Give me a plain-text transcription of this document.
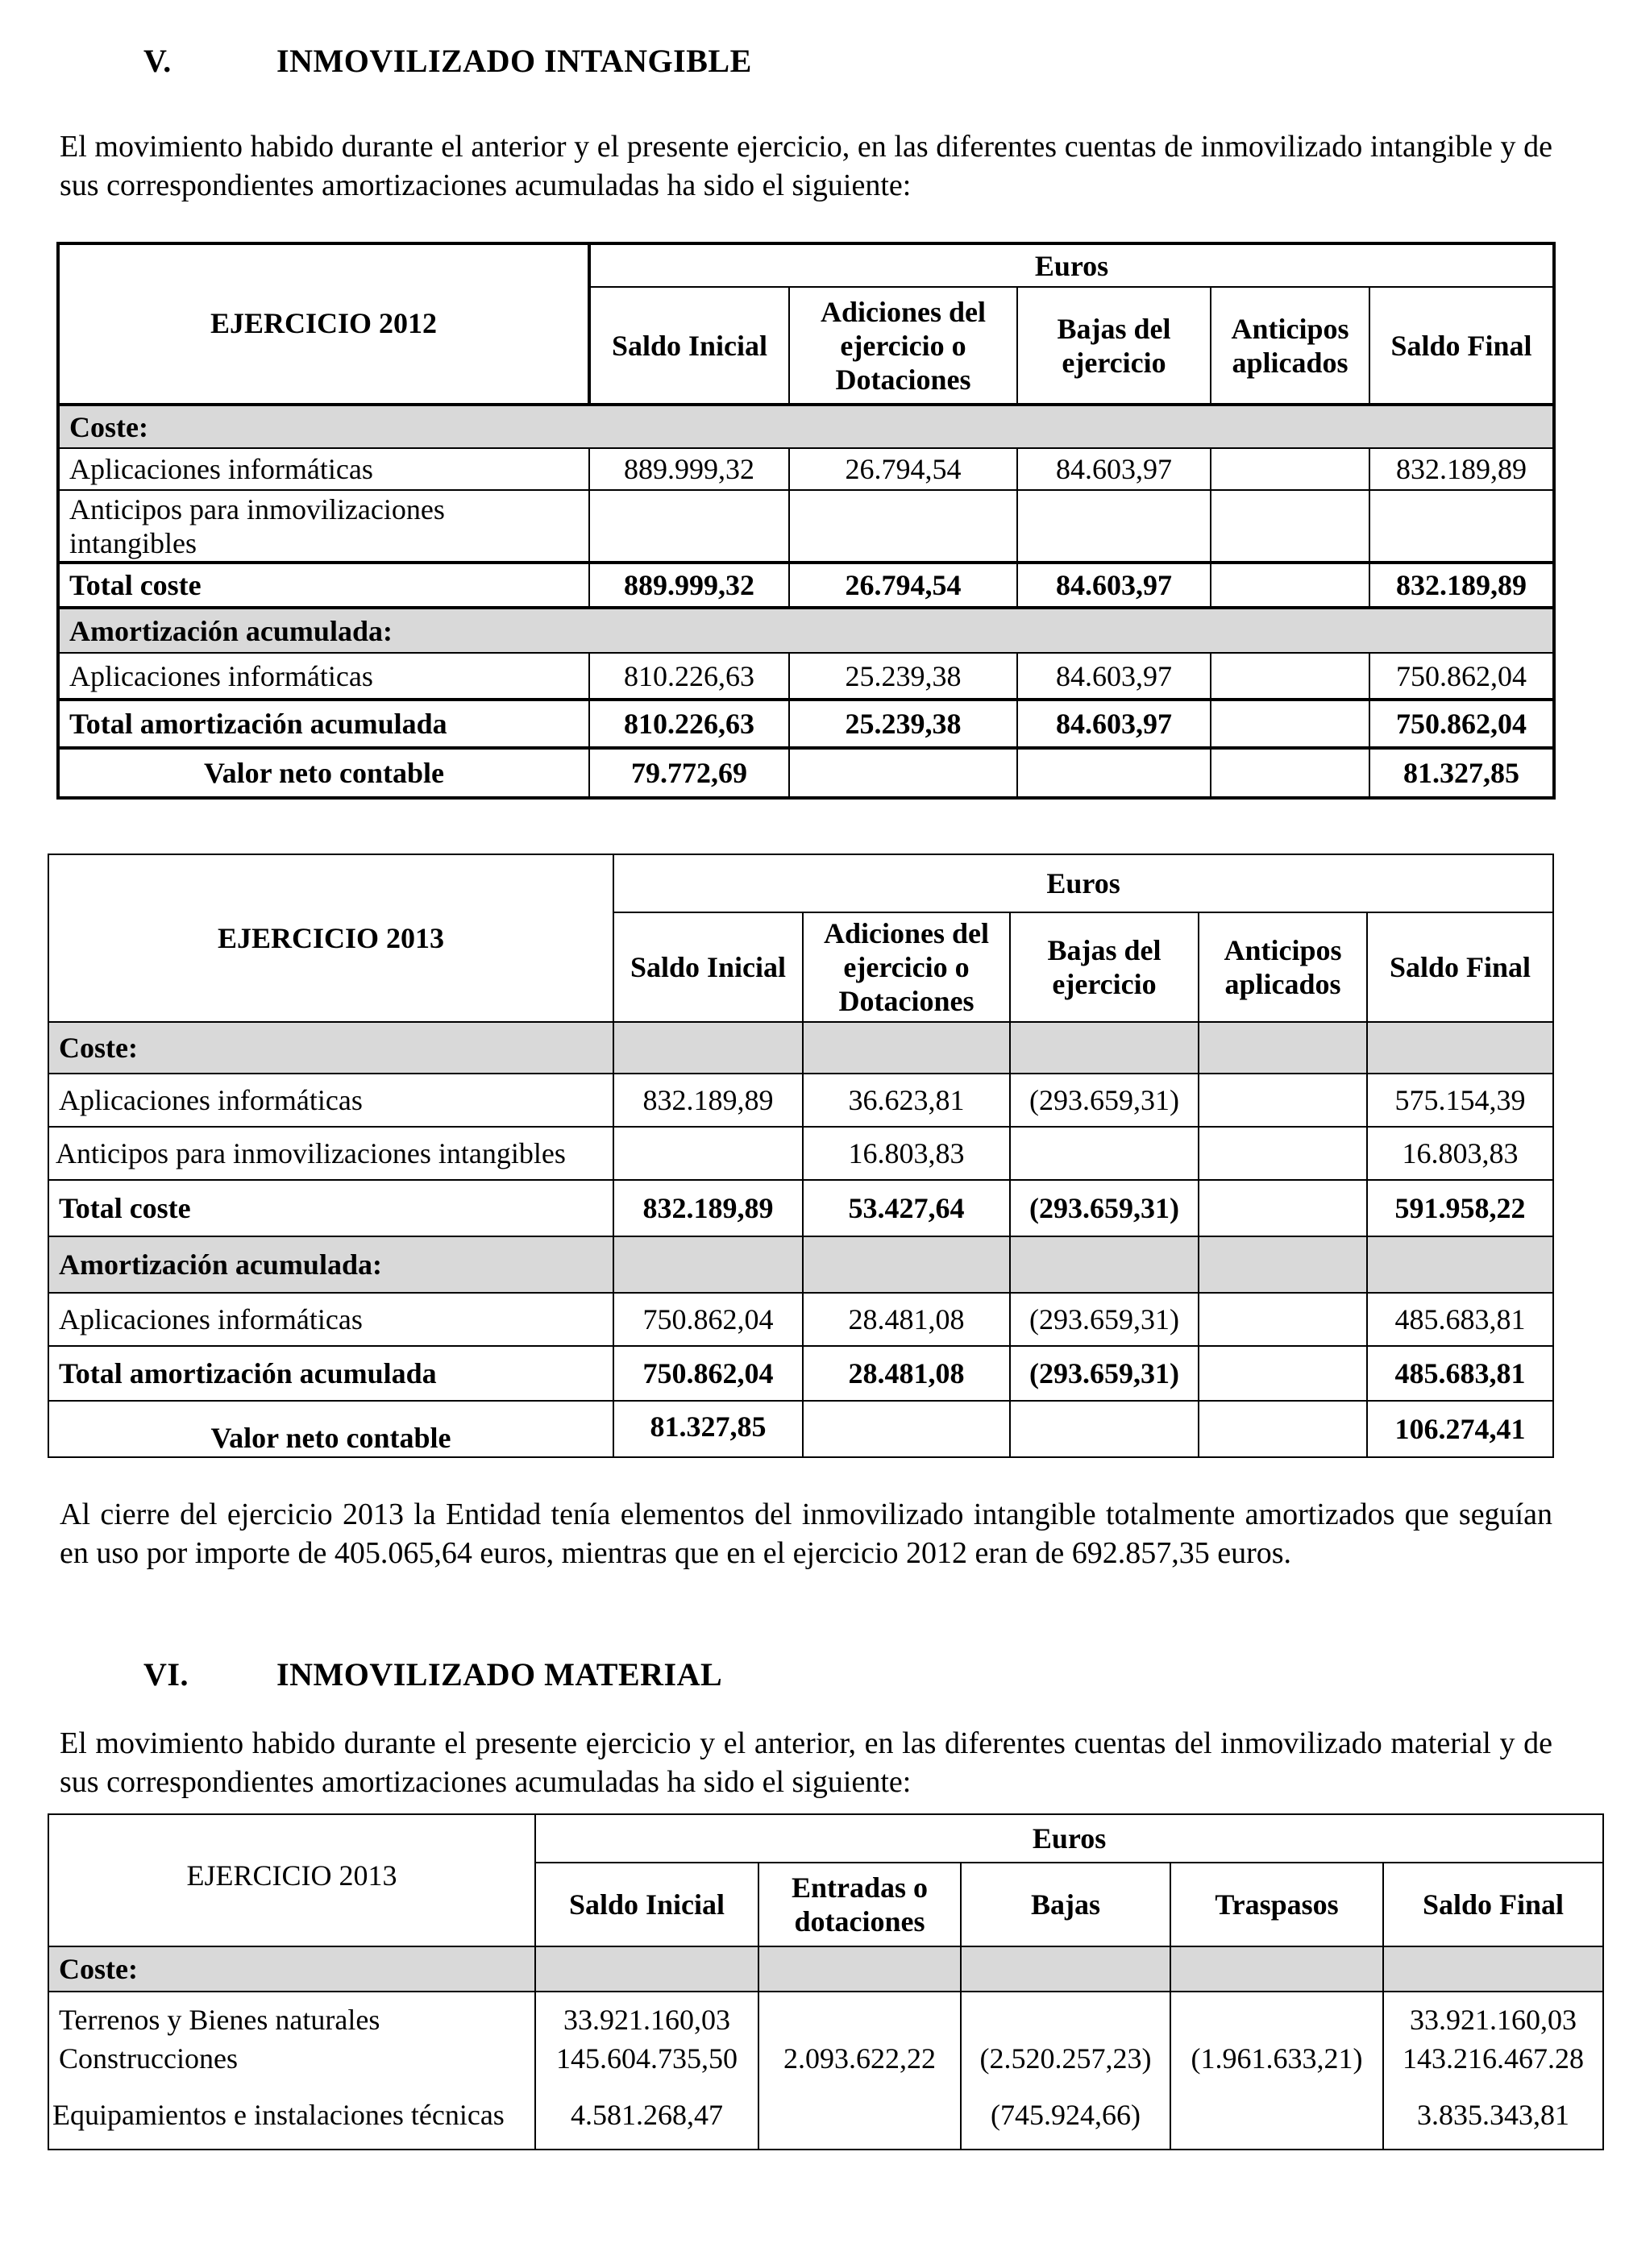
V.	INMOVILIZADO INTANGIBLE
El movimiento habido durante el anterior y el presente ejercicio, en las diferentes cuentas de inmovilizado intangible y de sus correspondientes amortizaciones acumuladas ha sido el siguiente:
EJERCICIO 2012	Euros				
	Saldo Inicial	Adiciones del ejercicio o Dotaciones	Bajas del ejercicio	Anticipos aplicados	Saldo Final
Coste:					
Aplicaciones informáticas	889.999,32	26.794,54	84.603,97		832.189,89
Anticipos para inmovilizaciones intangibles					
Total coste	889.999,32	26.794,54	84.603,97		832.189,89
Amortización acumulada:					
Aplicaciones informáticas	810.226,63	25.239,38	84.603,97		750.862,04
Total amortización acumulada	810.226,63	25.239,38	84.603,97		750.862,04
Valor neto contable	79.772,69				81.327,85
EJERCICIO 2013	Euros				
	Saldo Inicial	Adiciones del ejercicio o Dotaciones	Bajas del ejercicio	Anticipos aplicados	Saldo Final
Coste:					
Aplicaciones informáticas	832.189,89	36.623,81	(293.659,31)		575.154,39
Anticipos para inmovilizaciones intangibles		16.803,83			16.803,83
Total coste	832.189,89	53.427,64	(293.659,31)		591.958,22
Amortización acumulada:					
Aplicaciones informáticas	750.862,04	28.481,08	(293.659,31)		485.683,81
Total amortización acumulada	750.862,04	28.481,08	(293.659,31)		485.683,81
Valor neto contable	81.327,85				106.274,41
Al cierre del ejercicio 2013 la Entidad tenía elementos del inmovilizado intangible totalmente amortizados que seguían en uso por importe de 405.065,64 euros, mientras que en el ejercicio 2012 eran de 692.857,35 euros.
VI.	INMOVILIZADO MATERIAL
El movimiento habido durante el presente ejercicio y el anterior, en las diferentes cuentas del inmovilizado material y de sus correspondientes amortizaciones acumuladas ha sido el siguiente:
EJERCICIO 2013	Euros				
	Saldo Inicial	Entradas o dotaciones	Bajas	Traspasos	Saldo Final
Coste:					
Terrenos y Bienes naturales	33.921.160,03				33.921.160,03
Construcciones	145.604.735,50	2.093.622,22	(2.520.257,23)	(1.961.633,21)	143.216.467.28
Equipamientos e instalaciones técnicas	4.581.268,47		(745.924,66)		3.835.343,81
